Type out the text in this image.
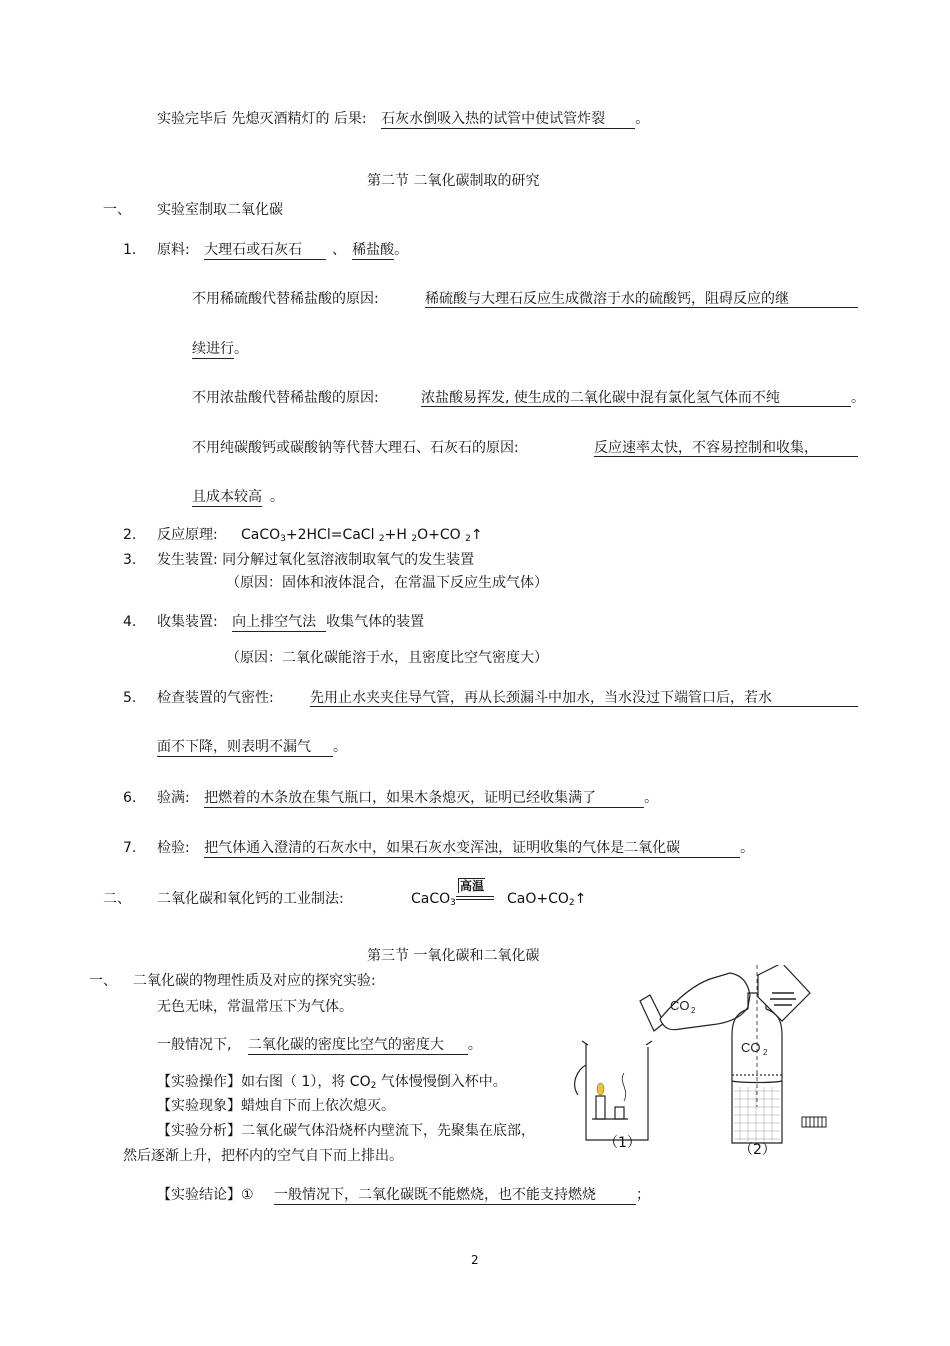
实验完毕后 先熄灭酒精灯的 后果: 石灰水倒吸入热的试管中使试管炸裂 。
第二节 二氧化碳制取的研究
一、 实验室制取二氧化碳
1. 原料: 大理石或石灰石 、 稀盐酸。
不用稀硫酸代替稀盐酸的原因:	稀硫酸与大理石反应生成微溶于水的硫酸钙，阻碍反应的继
续进行。
不用浓盐酸代替稀盐酸的原因:	浓盐酸易挥发, 使生成的二氧化碳中混有氯化氢气体而不纯	。
不用纯碳酸钙或碳酸钠等代替大理石、石灰石的原因:	反应速率太快，不容易控制和收集，
且成本较高 。
2. 反应原理: CaCO$_3$+2HCl=CaCl $_2$+H $_2$O+CO $_2$↑
3. 发生装置: 同分解过氧化氢溶液制取氧气的发生装置
（原因：固体和液体混合，在常温下反应生成气体）
4. 收集装置: 向上排空气法 收集气体的装置
（原因：二氧化碳能溶于水，且密度比空气密度大）
5. 检查装置的气密性:	先用止水夹夹住导气管，再从长颈漏斗中加水，当水没过下端管口后，若水
面不下降，则表明不漏气 。
6. 验满: 把燃着的木条放在集气瓶口，如果木条熄灭，证明已经收集满了	。
7. 检验: 把气体通入澄清的石灰水中，如果石灰水变浑浊，证明收集的气体是二氧化碳	。
二、 二氧化碳和氧化钙的工业制法:	CaCO$_3$
高温
$CaO+CO_2↑$
第三节 一氧化碳和二氧化碳
一、 二氧化碳的物理性质及对应的探究实验:
无色无味，常温常压下为气体。
一般情况下, 二氧化碳的密度比空气的密度大 。
【实验操作】如右图（ 1），将 $CO_2$ 气体慢慢倒入杯中。
【实验现象】蜡烛自下而上依次熄灭。
【实验分析】二氧化碳气体沿烧杯内壁流下，先聚集在底部，
然后逐渐上升，把杯内的空气自下而上排出。
【实验结论】① 一般情况下，二氧化碳既不能燃烧，也不能支持燃烧	；
CO 2
CO 2
（1）	（2）
2
